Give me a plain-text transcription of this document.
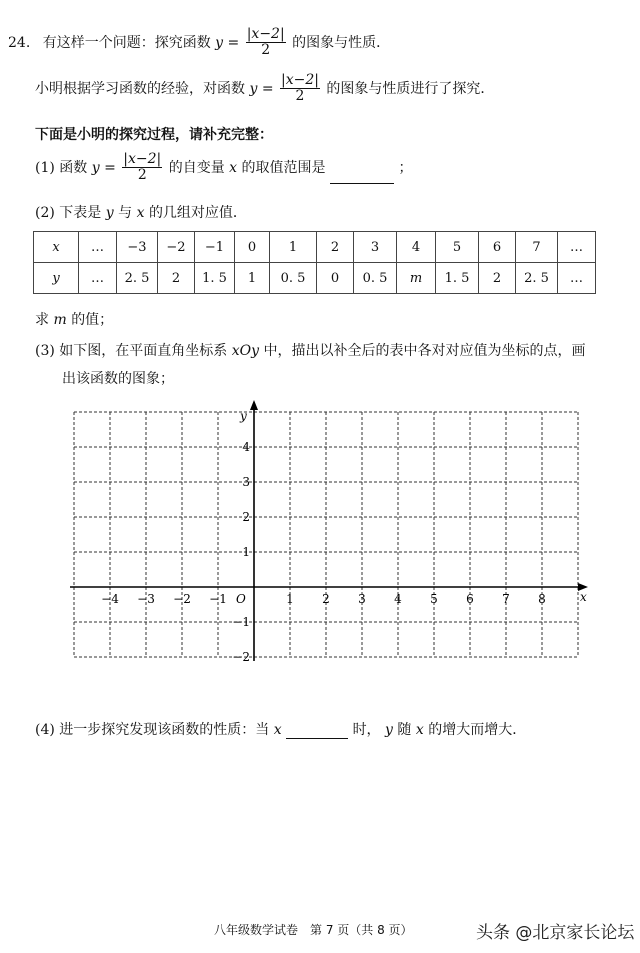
24. 有这样一个问题：探究函数 $y = \frac{|x-2|}{2}$ 的图象与性质．
小明根据学习函数的经验，对函数 $y = \frac{|x-2|}{2}$ 的图象与性质进行了探究．
下面是小明的探究过程，请补充完整：
(1) 函数 $y = \frac{|x-2|}{2}$ 的自变量 x 的取值范围是	；
(2) 下表是 y 与 x 的几组对应值．
x	…	−3	−2	−1	0	1	2	3	4	5	6	7	…
y	…	2. 5	2	1. 5	1	0. 5	0	0. 5	m	1. 5	2	2. 5	…
求 m 的值；
(3) 如下图，在平面直角坐标系 xOy 中，描出以补全后的表中各对对应值为坐标的点，画
出该函数的图象；
−4 −3 −2 −1	1 2 3 4 5 6 7 8
4
3
2
1
−1
−2
O	x
y
(4) 进一步探究发现该函数的性质：当 x	时， y 随 x 的增大而增大．
八年级数学试卷　第 7 页（共 8 页）	头条 @北京家长论坛
